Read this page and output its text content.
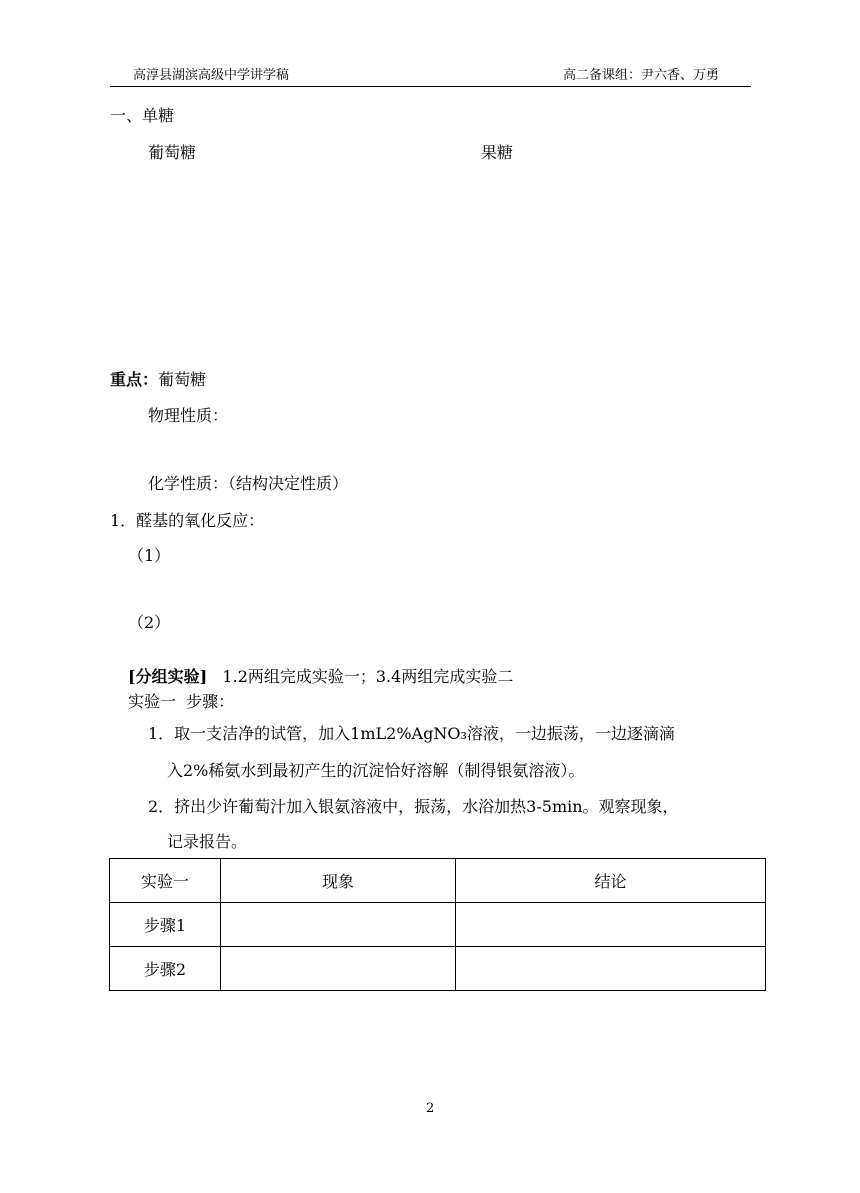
高淳县湖滨高级中学讲学稿	高二备课组：尹六香、万勇
一、单糖
葡萄糖	果糖
重点：葡萄糖
物理性质：
化学性质：（结构决定性质）
1．醛基的氧化反应：
（1）
（2）
[分组实验] 1.2两组完成实验一；3.4两组完成实验二
实验一  步骤：
1．取一支洁净的试管，加入1mL2%AgNO₃溶液，一边振荡，一边逐滴滴
入2%稀氨水到最初产生的沉淀恰好溶解（制得银氨溶液）。
2．挤出少许葡萄汁加入银氨溶液中，振荡，水浴加热3-5min。观察现象，
记录报告。
实验一	现象	结论
步骤1		
步骤2		
2
